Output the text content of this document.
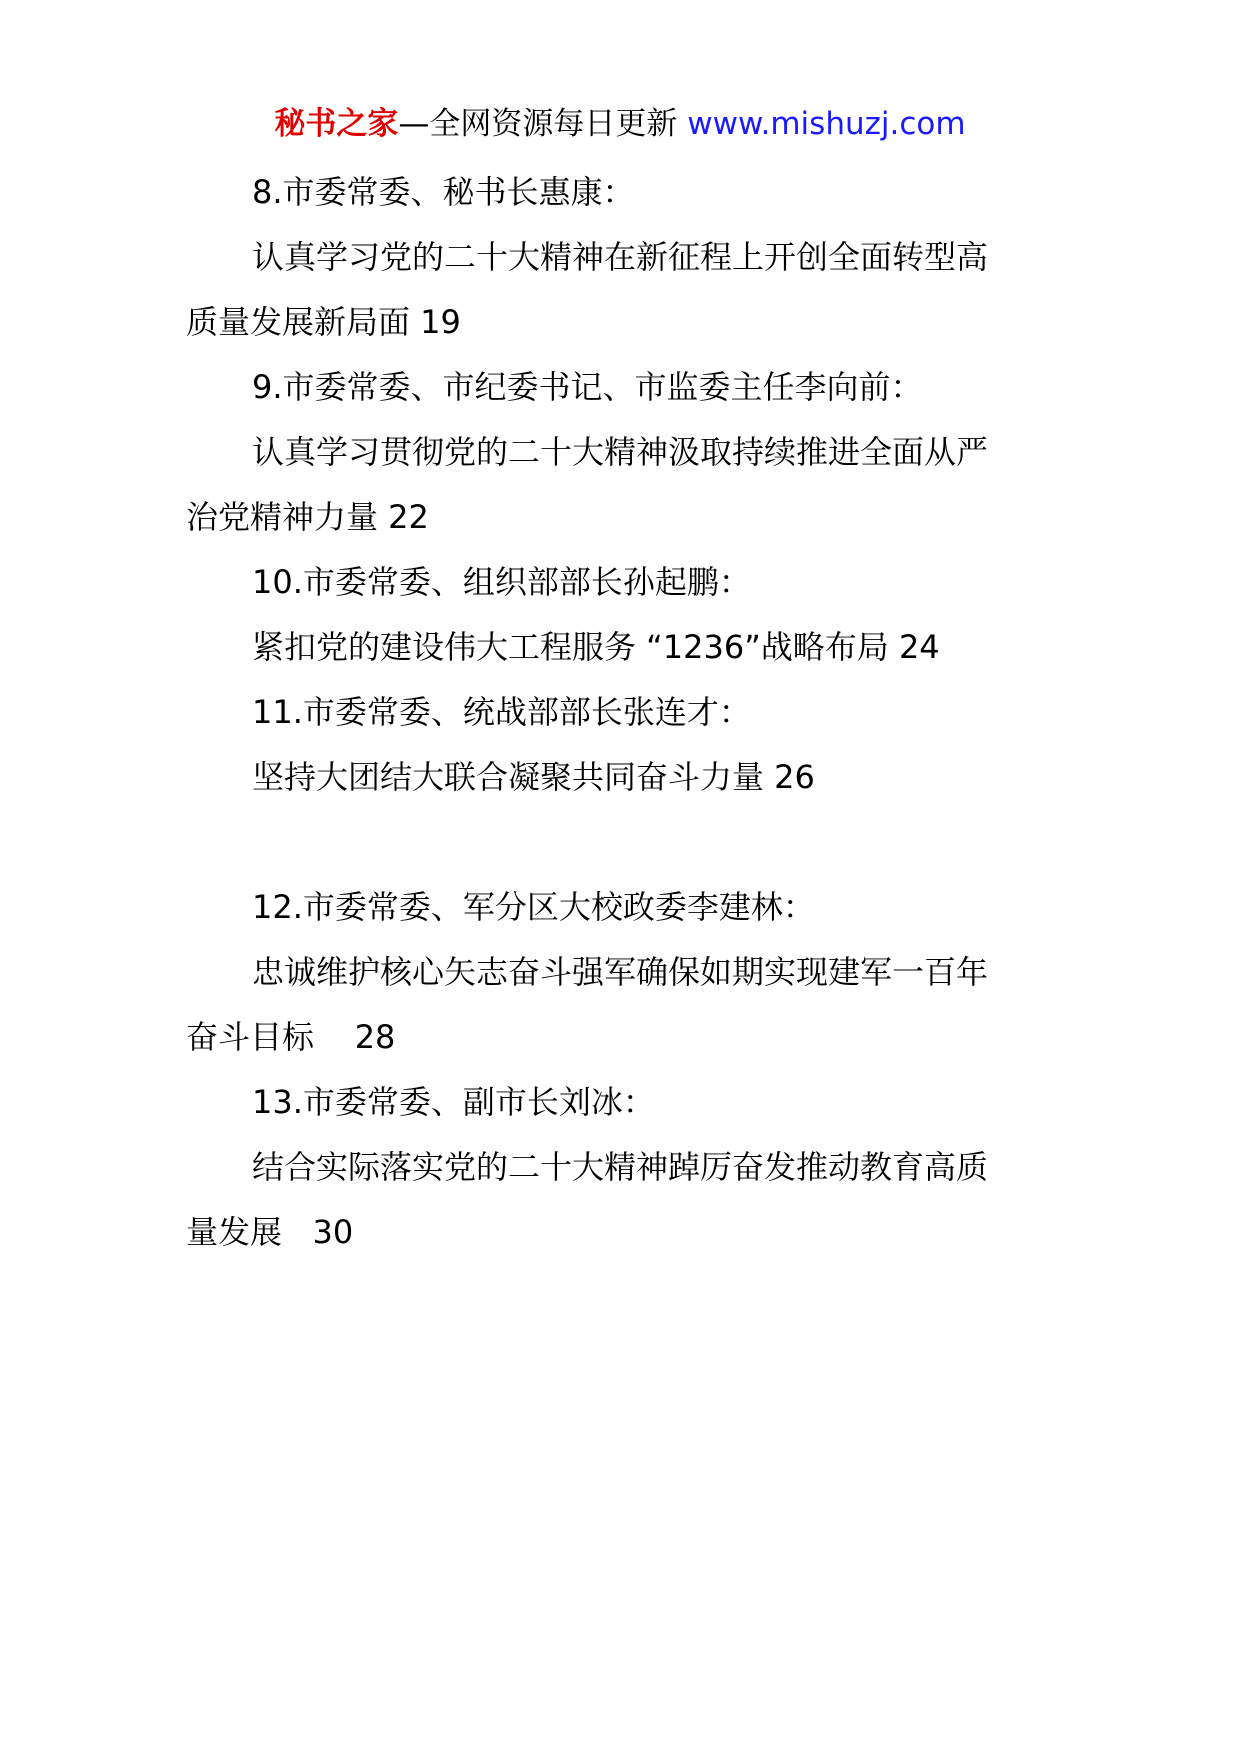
秘书之家—全网资源每日更新 www.mishuzj.com
8.市委常委、秘书长惠康：
认真学习党的二十大精神在新征程上开创全面转型高
质量发展新局面 19
9.市委常委、市纪委书记、市监委主任李向前：
认真学习贯彻党的二十大精神汲取持续推进全面从严
治党精神力量 22
10.市委常委、组织部部长孙起鹏：
紧扣党的建设伟大工程服务 “1236”战略布局 24
11.市委常委、统战部部长张连才：
坚持大团结大联合凝聚共同奋斗力量 26
12.市委常委、军分区大校政委李建林：
忠诚维护核心矢志奋斗强军确保如期实现建军一百年
奋斗目标    28
13.市委常委、副市长刘冰：
结合实际落实党的二十大精神踔厉奋发推动教育高质
量发展   30
